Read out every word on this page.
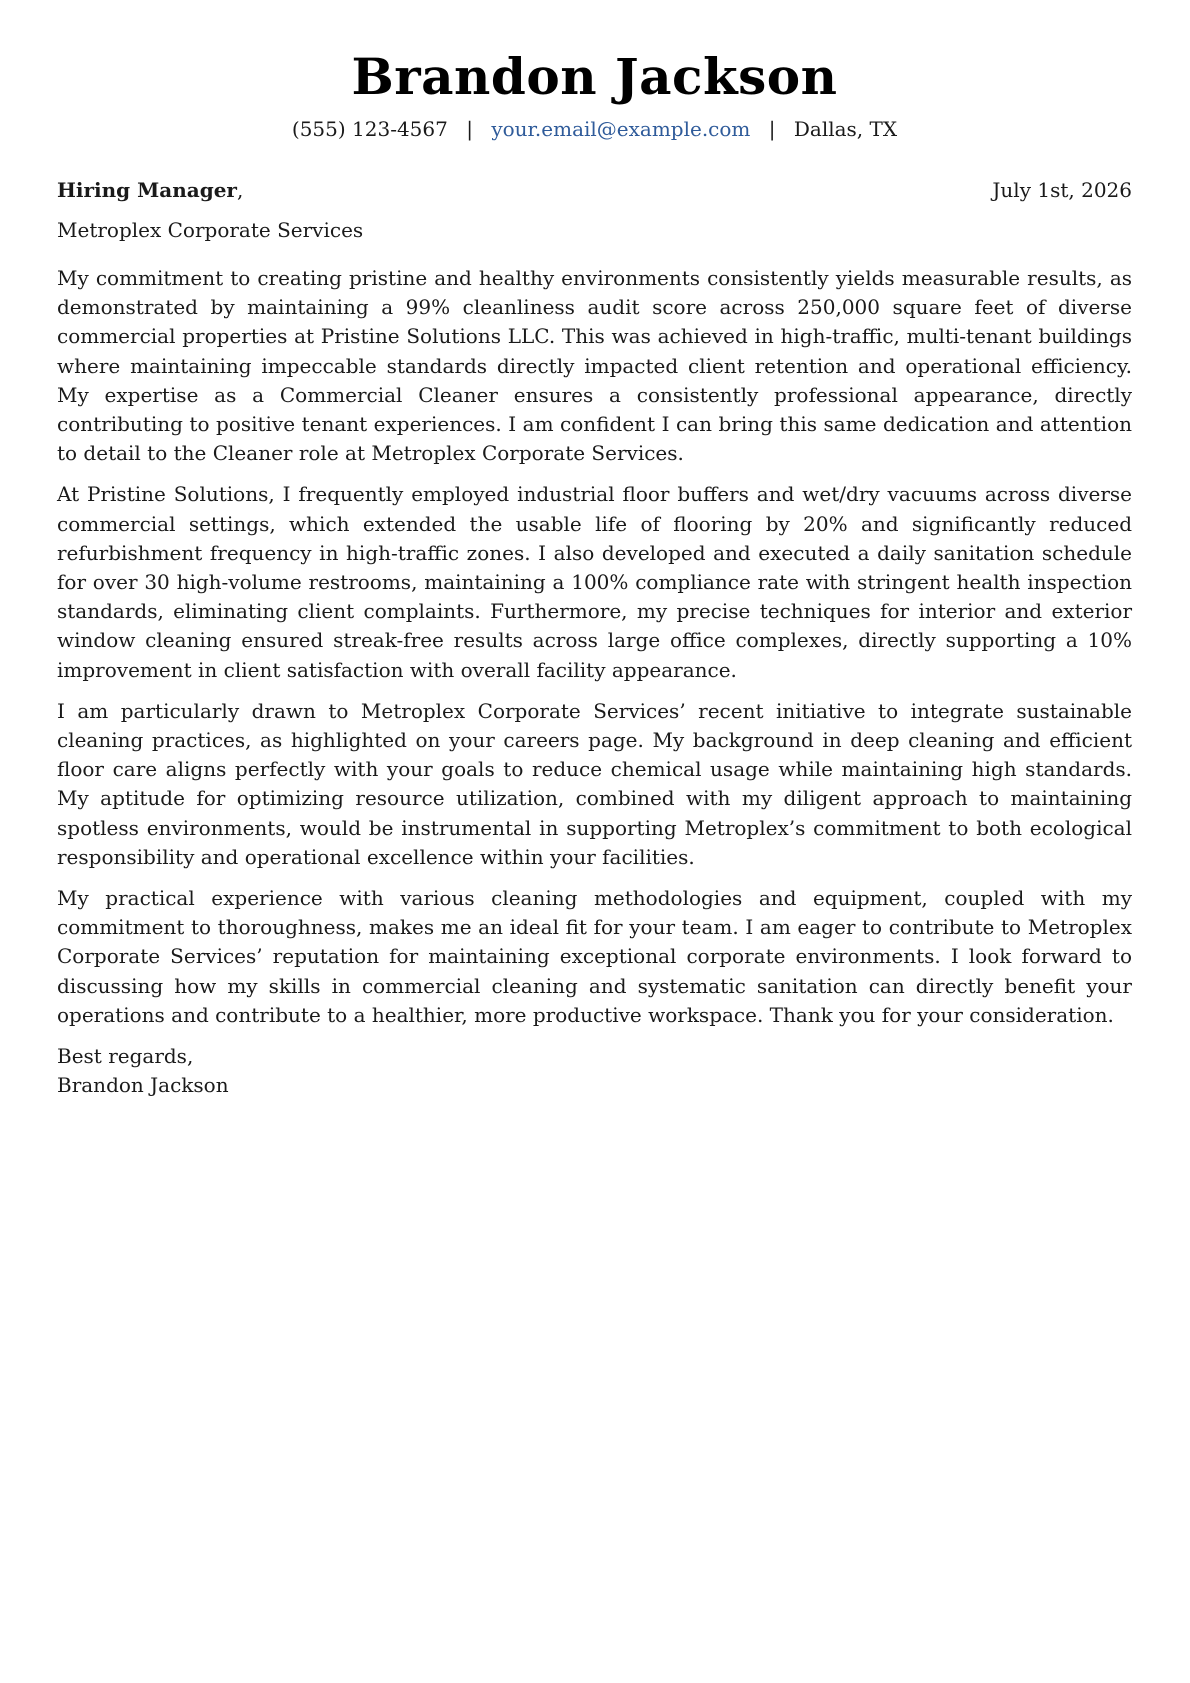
Brandon Jackson
(555) 123-4567 | your.email@example.com | Dallas, TX
Hiring Manager,	July 1st, 2026
Metroplex Corporate Services

My commitment to creating pristine and healthy environments consistently yields measurable results, as demonstrated by maintaining a 99% cleanliness audit score across 250,000 square feet of diverse commercial properties at Pristine Solutions LLC. This was achieved in high-traffic, multi-tenant buildings where maintaining impeccable standards directly impacted client retention and operational efficiency. My expertise as a Commercial Cleaner ensures a consistently professional appearance, directly contributing to positive tenant experiences. I am confident I can bring this same dedication and attention to detail to the Cleaner role at Metroplex Corporate Services.

At Pristine Solutions, I frequently employed industrial floor buffers and wet/dry vacuums across diverse commercial settings, which extended the usable life of flooring by 20% and significantly reduced refurbishment frequency in high-traffic zones. I also developed and executed a daily sanitation schedule for over 30 high-volume restrooms, maintaining a 100% compliance rate with stringent health inspection standards, eliminating client complaints. Furthermore, my precise techniques for interior and exterior window cleaning ensured streak-free results across large office complexes, directly supporting a 10% improvement in client satisfaction with overall facility appearance.

I am particularly drawn to Metroplex Corporate Services’ recent initiative to integrate sustainable cleaning practices, as highlighted on your careers page. My background in deep cleaning and efficient floor care aligns perfectly with your goals to reduce chemical usage while maintaining high standards. My aptitude for optimizing resource utilization, combined with my diligent approach to maintaining spotless environments, would be instrumental in supporting Metroplex’s commitment to both ecological responsibility and operational excellence within your facilities.

My practical experience with various cleaning methodologies and equipment, coupled with my commitment to thoroughness, makes me an ideal fit for your team. I am eager to contribute to Metroplex Corporate Services’ reputation for maintaining exceptional corporate environments. I look forward to discussing how my skills in commercial cleaning and systematic sanitation can directly benefit your operations and contribute to a healthier, more productive workspace. Thank you for your consideration.

Best regards,
Brandon Jackson
